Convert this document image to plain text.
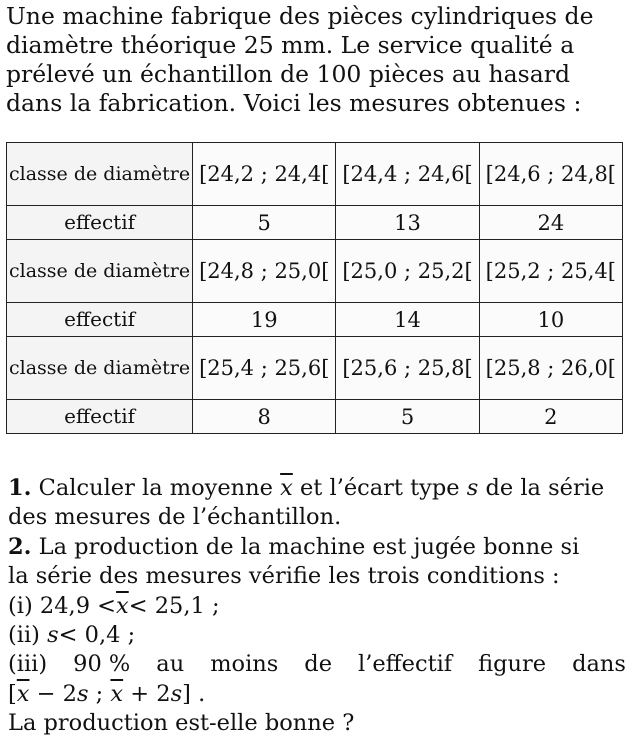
Une machine fabrique des pièces cylindriques de
diamètre théorique 25 mm. Le service qualité a
prélevé un échantillon de 100 pièces au hasard
dans la fabrication. Voici les mesures obtenues :
classe de diamètre	[24,2 ; 24,4[	[24,4 ; 24,6[	[24,6 ; 24,8[
effectif	5	13	24
classe de diamètre	[24,8 ; 25,0[	[25,0 ; 25,2[	[25,2 ; 25,4[
effectif	19	14	10
classe de diamètre	[25,4 ; 25,6[	[25,6 ; 25,8[	[25,8 ; 26,0[
effectif	8	5	2
1. Calculer la moyenne $\overline{x}$ et l’écart type s de la série
des mesures de l’échantillon.
2. La production de la machine est jugée bonne si
la série des mesures vérifie les trois conditions :
(i) $24,9 <\overline{x}< 25,1$ ;
(ii) s< 0,4 ;
(iii) 90 % au moins de l’effectif figure dans
[$\overline{x} - 2s$ ; $\overline{x} + 2s$] .
La production est-elle bonne ?
